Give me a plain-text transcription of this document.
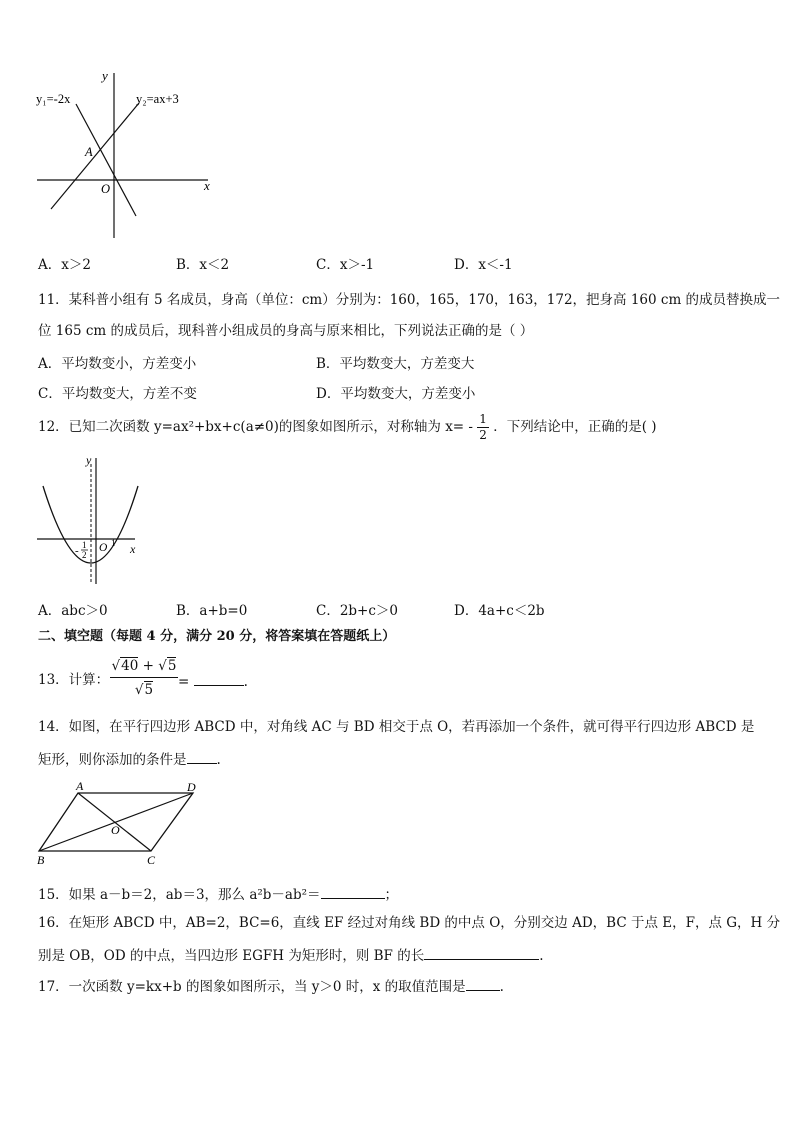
y
x
y₁=-2x	y₂=ax+3
A
O
A．x＞2	B．x＜2	C．x＞-1	D．x＜-1
11．某科普小组有 5 名成员，身高（单位：cm）分别为：160，165，170，163，172，把身高 160 cm 的成员替换成一
位 165 cm 的成员后，现科普小组成员的身高与原来相比，下列说法正确的是（ ）
A．平均数变小，方差变小	B．平均数变大，方差变大
C．平均数变大，方差不变	D．平均数变大，方差变小
12．已知二次函数 y=ax²+bx+c(a≠0)的图象如图所示，对称轴为 $x= - \frac{1}{2}$ ．下列结论中，正确的是( )
y
x
O 1
- 1
2
A．abc＞0	B．a+b=0	C．2b+c＞0	D．4a+c＜2b
二、填空题（每题 4 分，满分 20 分，将答案填在答题纸上）
13．计算： $\frac{√40 + √5}{√5}$ =	.
14．如图，在平行四边形 ABCD 中，对角线 AC 与 BD 相交于点 O，若再添加一个条件，就可得平行四边形 ABCD 是
矩形，则你添加的条件是 .
A	D
B	C
O
15．如果 a－b＝2，ab＝3，那么 a²b－ab²＝	；
16．在矩形 ABCD 中，AB=2，BC=6，直线 EF 经过对角线 BD 的中点 O，分别交边 AD，BC 于点 E，F，点 G，H 分
别是 OB，OD 的中点，当四边形 EGFH 为矩形时，则 BF 的长	.
17．一次函数 y=kx+b 的图象如图所示，当 y＞0 时，x 的取值范围是	.
